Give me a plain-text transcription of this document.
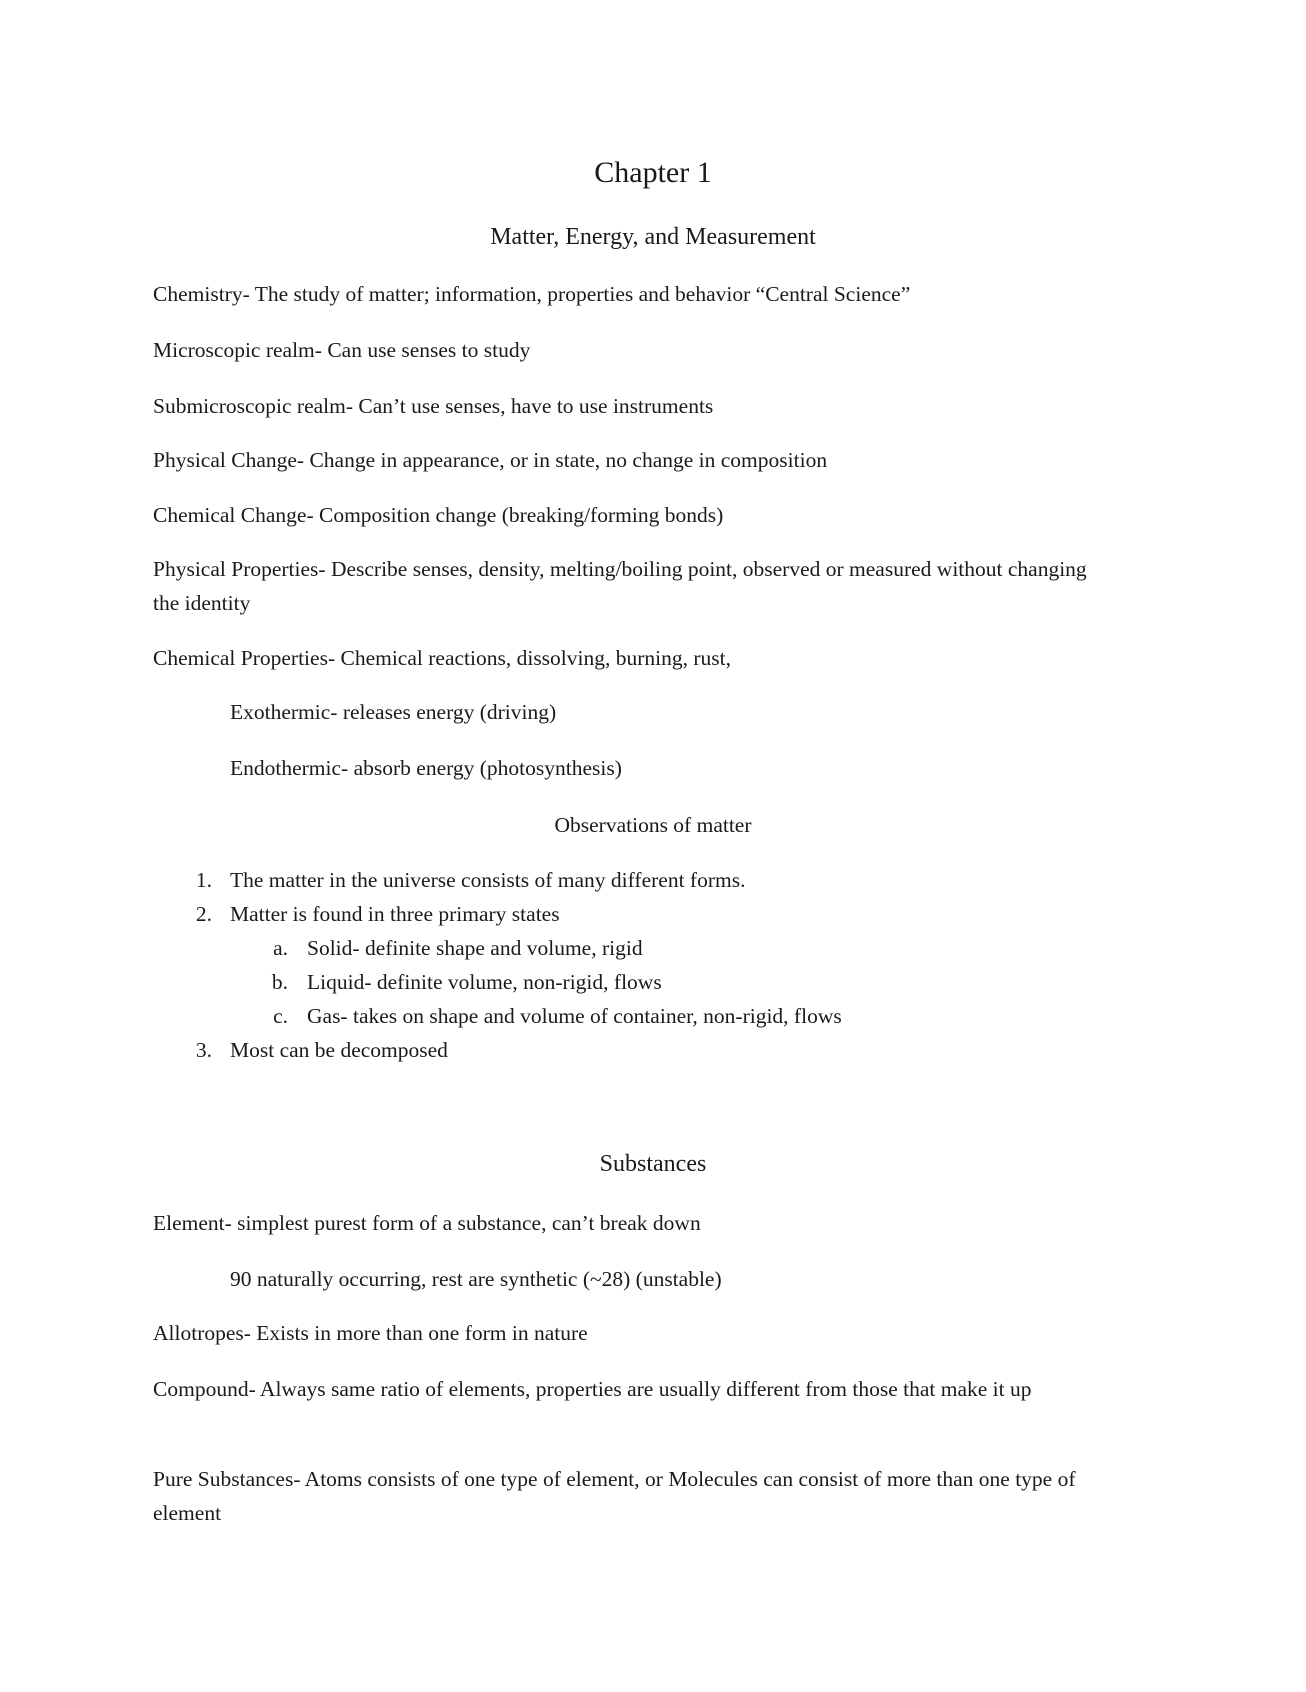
Chapter 1
Matter, Energy, and Measurement

Chemistry- The study of matter; information, properties and behavior “Central Science”

Microscopic realm- Can use senses to study

Submicroscopic realm- Can’t use senses, have to use instruments

Physical Change- Change in appearance, or in state, no change in composition

Chemical Change- Composition change (breaking/forming bonds)

Physical Properties- Describe senses, density, melting/boiling point, observed or measured without changing the identity

Chemical Properties- Chemical reactions, dissolving, burning, rust,

Exothermic- releases energy (driving)

Endothermic- absorb energy (photosynthesis)

Observations of matter

1. The matter in the universe consists of many different forms.
2. Matter is found in three primary states
a. Solid- definite shape and volume, rigid
b. Liquid- definite volume, non-rigid, flows
c. Gas- takes on shape and volume of container, non-rigid, flows
3. Most can be decomposed
Substances

Element- simplest purest form of a substance, can’t break down

90 naturally occurring, rest are synthetic (~28) (unstable)

Allotropes- Exists in more than one form in nature

Compound- Always same ratio of elements, properties are usually different from those that make it up

Pure Substances- Atoms consists of one type of element, or Molecules can consist of more than one type of element
